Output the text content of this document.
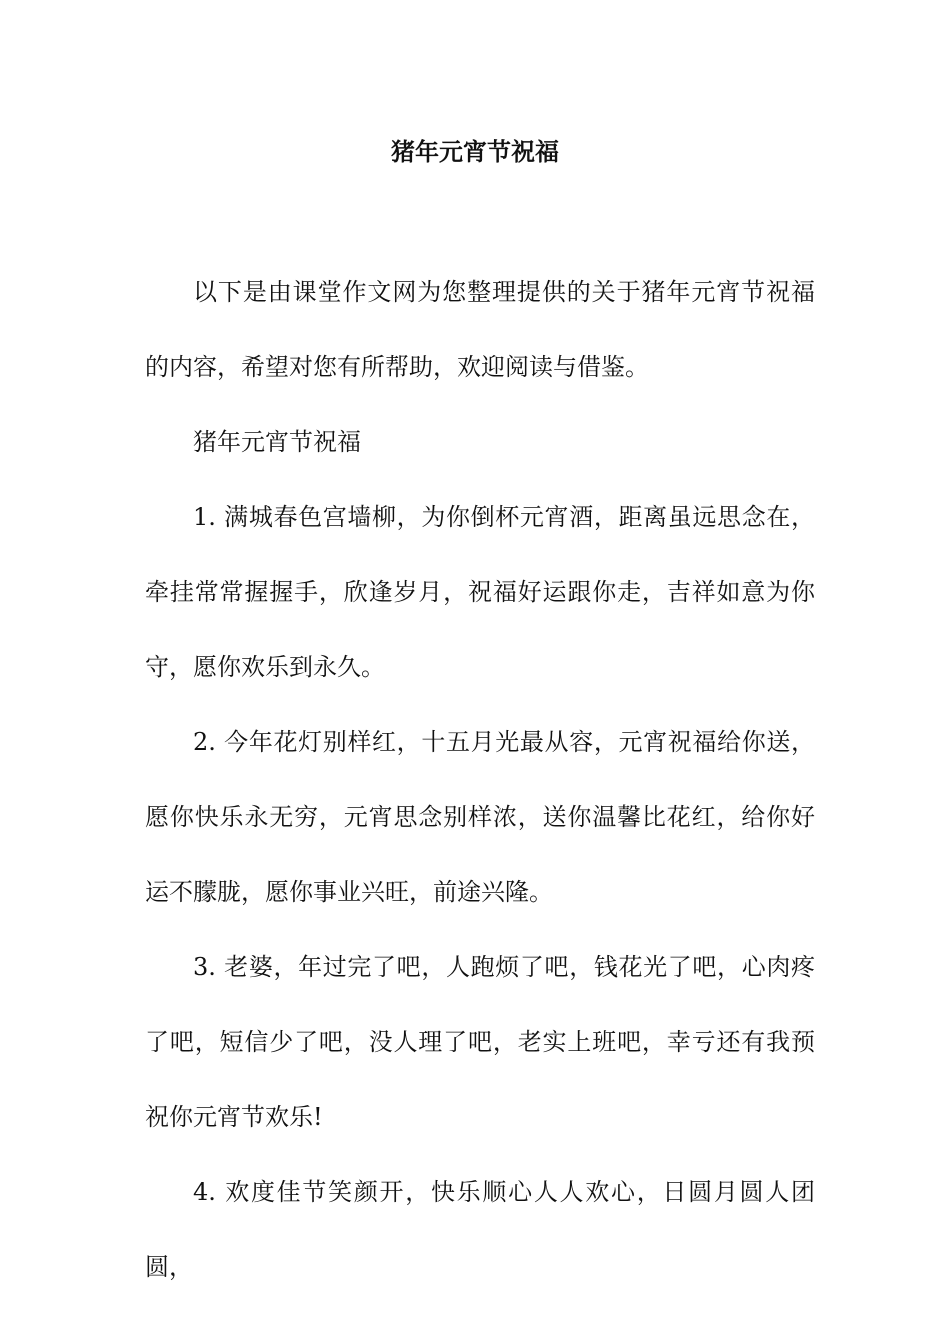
猪年元宵节祝福

以下是由课堂作文网为您整理提供的关于猪年元宵节祝福的内容，希望对您有所帮助，欢迎阅读与借鉴。

猪年元宵节祝福

1. 满城春色宫墙柳，为你倒杯元宵酒，距离虽远思念在，牵挂常常握握手，欣逢岁月，祝福好运跟你走，吉祥如意为你守，愿你欢乐到永久。

2. 今年花灯别样红，十五月光最从容，元宵祝福给你送，愿你快乐永无穷，元宵思念别样浓，送你温馨比花红，给你好运不朦胧，愿你事业兴旺，前途兴隆。

3. 老婆，年过完了吧，人跑烦了吧，钱花光了吧，心肉疼了吧，短信少了吧，没人理了吧，老实上班吧，幸亏还有我预祝你元宵节欢乐!

4. 欢度佳节笑颜开，快乐顺心人人欢心，日圆月圆人团圆，
